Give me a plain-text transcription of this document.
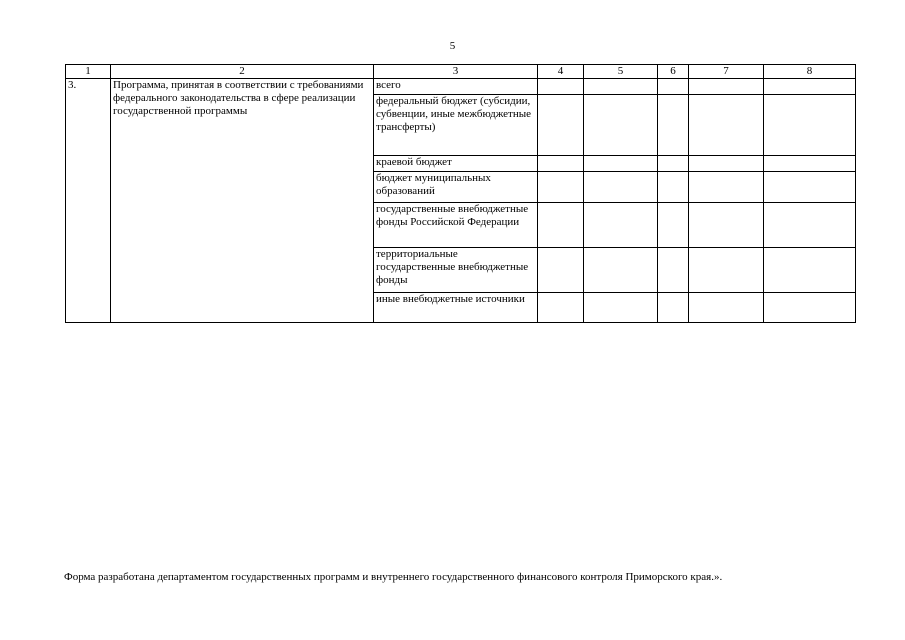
5
1	2	3	4	5	6	7	8
3.	Программа, принятая в соответствии с требованиями федерального законодательства в сфере реализации государственной программы	всего					
		федеральный бюджет (субсидии, субвенции, иные межбюджетные трансферты)					
		краевой бюджет					
		бюджет муниципальных образований					
		государственные внебюджетные фонды Российской Федерации					
		территориальные государственные внебюджетные фонды					
		иные внебюджетные источники					
Форма разработана департаментом государственных программ и внутреннего государственного финансового контроля Приморского края.».
